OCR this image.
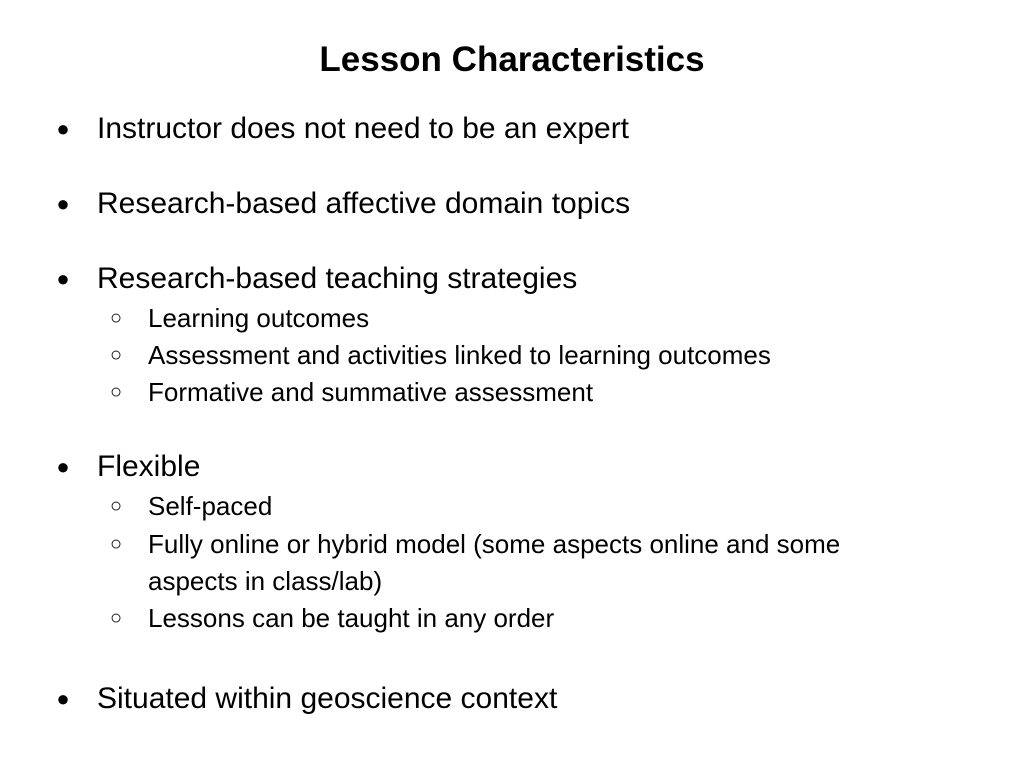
Lesson Characteristics
● Instructor does not need to be an expert
● Research-based affective domain topics
● Research-based teaching strategies
○ Learning outcomes
○ Assessment and activities linked to learning outcomes
○ Formative and summative assessment
● Flexible
○ Self-paced
○ Fully online or hybrid model (some aspects online and some aspects in class/lab)
○ Lessons can be taught in any order
● Situated within geoscience context
